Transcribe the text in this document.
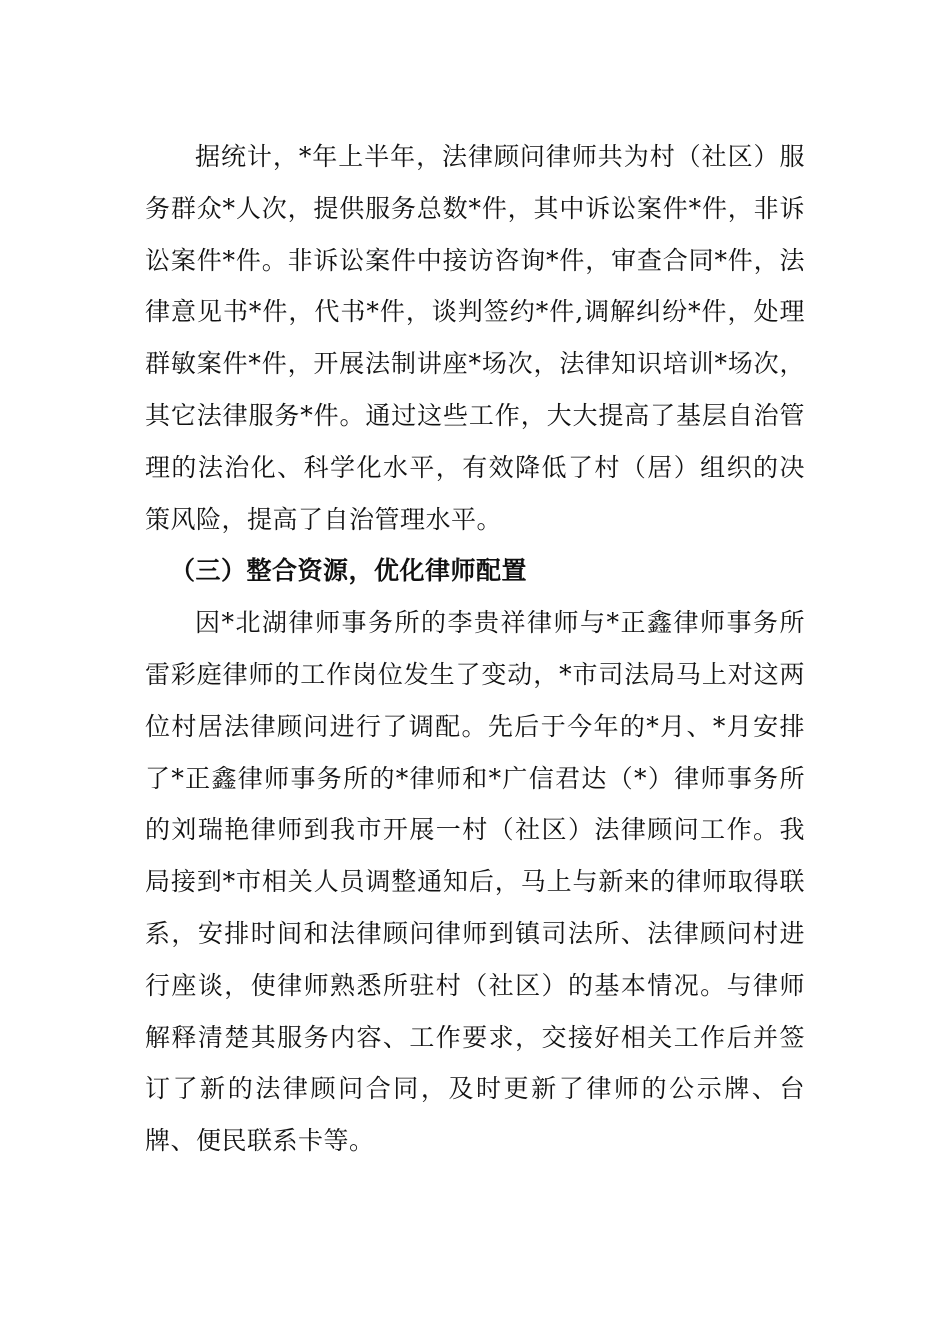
据统计，*年上半年，法律顾问律师共为村（社区）服务群众*人次，提供服务总数*件，其中诉讼案件*件，非诉讼案件*件。非诉讼案件中接访咨询*件，审查合同*件，法律意见书*件，代书*件，谈判签约*件,调解纠纷*件，处理群敏案件*件，开展法制讲座*场次，法律知识培训*场次，其它法律服务*件。通过这些工作，大大提高了基层自治管理的法治化、科学化水平，有效降低了村（居）组织的决策风险，提高了自治管理水平。

（三）整合资源，优化律师配置

因*北湖律师事务所的李贵祥律师与*正鑫律师事务所雷彩庭律师的工作岗位发生了变动，*市司法局马上对这两位村居法律顾问进行了调配。先后于今年的*月、*月安排了*正鑫律师事务所的*律师和*广信君达（*）律师事务所的刘瑞艳律师到我市开展一村（社区）法律顾问工作。我局接到*市相关人员调整通知后，马上与新来的律师取得联系，安排时间和法律顾问律师到镇司法所、法律顾问村进行座谈，使律师熟悉所驻村（社区）的基本情况。与律师解释清楚其服务内容、工作要求，交接好相关工作后并签订了新的法律顾问合同，及时更新了律师的公示牌、台牌、便民联系卡等。
